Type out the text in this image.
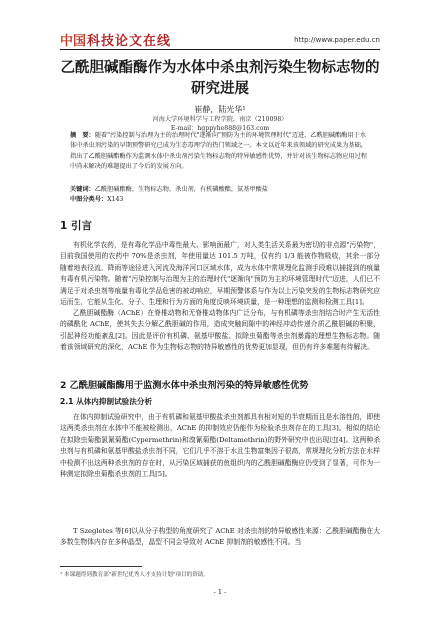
中国 科技论文在线	http://www.paper.edu.cn
乙酰胆碱酯酶作为水体中杀虫剂污染生物标志物的研究进展
崔静，陆光华¹
河海大学环境科学与工程学院，南京（210098）
E-mail：hgppyhe888@163.com
摘　要：随着"污染控制与治理为主的治理时代"逐渐向"预防为主的环境管理时代"迈进，乙酰胆碱酯酶用于水体中杀虫剂污染的早期预警研究已成为生态毒理学的热门领域之一。本文以近年来该领域的研究成果为基础，指出了乙酰胆碱酯酶作为监测水体中杀虫剂污染生物标志物的特异敏感性优势，并针对该生物标志物应用过程中尚未解决的难题提出了今后的发展方向。
关键词：乙酰胆碱酯酶，生物标志物，杀虫剂，有机磷酸酯，氨基甲酸盐
中图分类号：X143
1 引言
有机化学农药，是有毒化学品中毒性最大、影响面最广，对人类生活关系最为密切的非点源"污染物"，目前我国使用的农药中 70%是杀虫剂，年使用量达 101.5 万吨，仅有约 1/3 能被作物吸收，其余一部分随着地表径流、降雨等途径进入河流及海洋河口区域水体，成为水体中常规理化监测手段难以捕捉到的痕量有毒有机污染物。随着"污染控制与治理为主的治理时代"逐渐向"预防为主的环境管理时代"迈进，人们已不满足于对杀虫剂等痕量有毒化学品危害的被动响应，早期预警体系与作为以上污染突发的生物标志物研究应运而生，它能从生化、分子、生理和行为方面的角度反映环境质量，是一种理想的监测和检测工具[1]。
乙酰胆碱酯酶（AChE）在脊椎动物和无脊椎动物体内广泛分布，与有机磷等杀虫剂结合时产生无活性的磷酰化 AChE，使其失去分解乙酰胆碱的作用，造成突触间隙中的神经冲动传递介质乙酰胆碱的积聚，引起神经功能紊乱[2]。因此是评价有机磷、氨基甲酸盐、拟除虫菊酯等杀虫剂暴露的理想生物标志物。随着该领域研究的深化，AChE 作为生物标志物的特异敏感性的优势更加显现，但仍有许多难题有待解决。
2 乙酰胆碱酯酶用于监测水体中杀虫剂污染的特异敏感性优势
2.1 从体内抑制试验法分析
在体内抑制试验研究中，由于有机磷和氨基甲酸盐杀虫剂都具有相对短的半衰期而且是水溶性的，即使这两类杀虫剂在水体中不能被检测出，AChE 的抑制效应仍能作为检验杀虫剂存在的工具[3]。相似的结论在拟除虫菊酯氯氰菊酯(Cypermethrin)和溴氰菊酯(Deltamethrin)的野外研究中也出现过[4]。这两种杀虫剂与有机磷和氨基甲酸盐杀虫剂不同，它们几乎不溶于水且生物富集因子很高，常规理化分析方法在水样中检测不出这两种杀虫剂的存在时，从污染区域捕获的鱼组织内的乙酰胆碱酯酶应仍受到了显著，可作为一种测定拟除虫菊酯杀虫剂的工具[5]。
T Szegletes 等[6]以从分子构型的角度研究了 AChE 对杀虫剂的特异敏感性来源：乙酰胆碱酯酶在大多数生物体内存在多种晶型，晶型不同会导致对 AChE 抑制剂的敏感性不同。当
¹ 本课题得到教育部"新世纪优秀人才支持计划"项目的资助。
- 1 -
